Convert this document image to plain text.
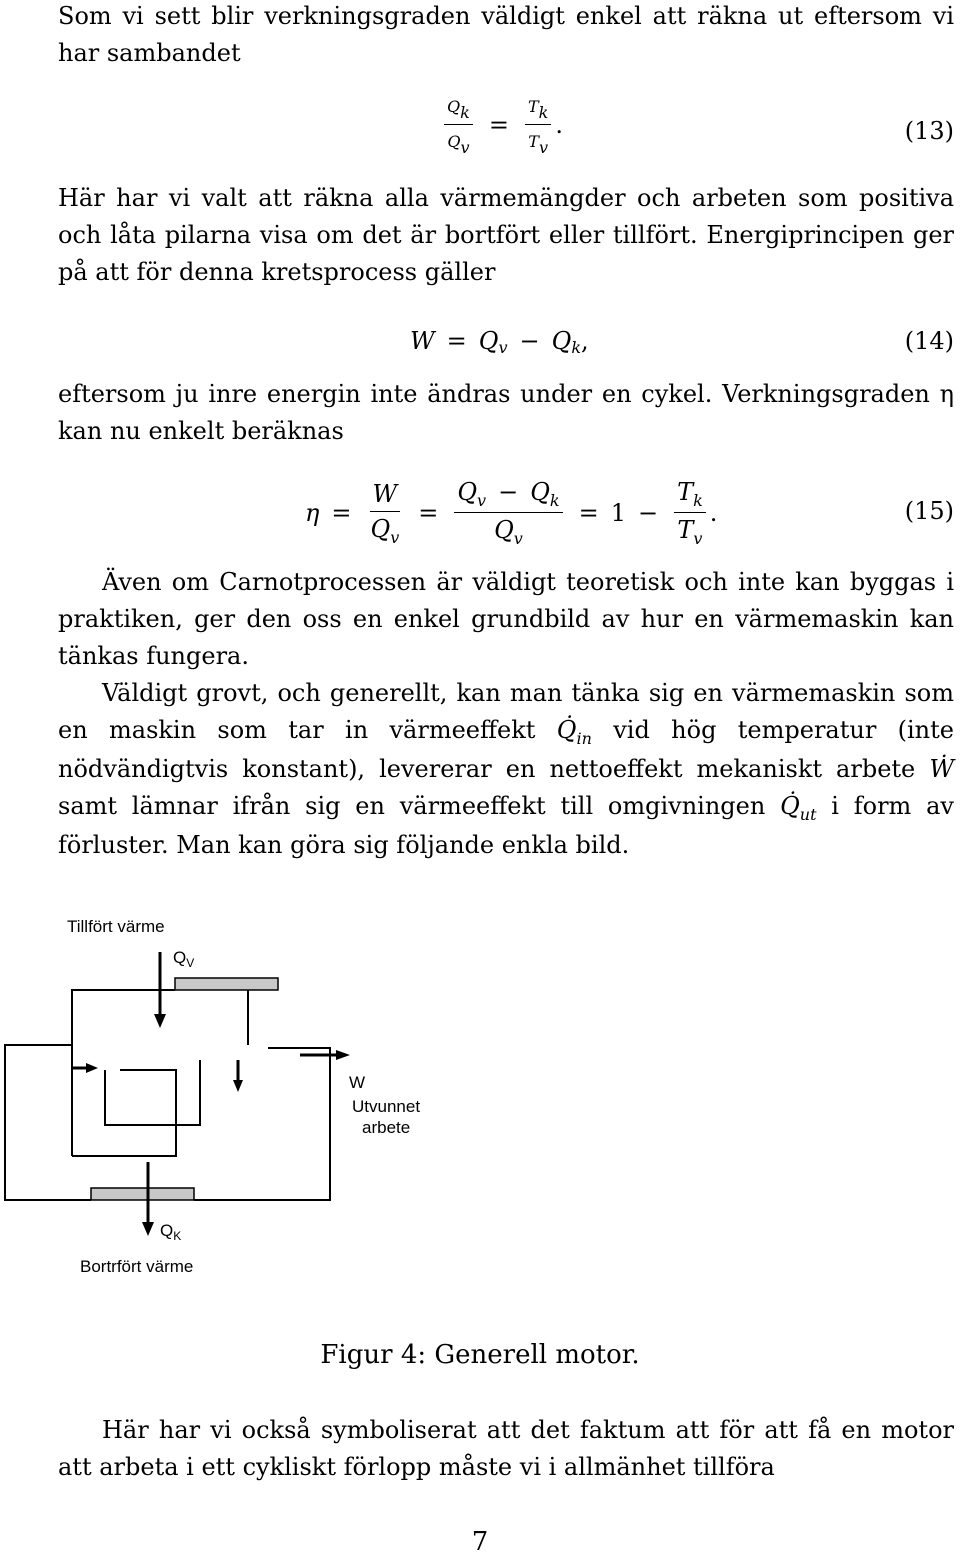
Som vi sett blir verkningsgraden väldigt enkel att räkna ut eftersom vi har sambandet

$\frac{Qk}{Qv} = \frac{Tk}{Tv}$ .	(13)

Här har vi valt att räkna alla värmemängder och arbeten som positiva och låta pilarna visa om det är bortfört eller tillfört. Energiprincipen ger på att för denna kretsprocess gäller

W = Q v − Q k ,	(14)

eftersom ju inre energin inte ändras under en cykel. Verkningsgraden η kan nu enkelt beräknas

$\eta = \frac{W}{Q_v} = \frac{Q_v - Q_k}{Q_v} = 1 - \frac{T_k}{T_v}$ .	(15)

Även om Carnotprocessen är väldigt teoretisk och inte kan byggas i praktiken, ger den oss en enkel grundbild av hur en värmemaskin kan tänkas fungera.

Väldigt grovt, och generellt, kan man tänka sig en värmemaskin som en maskin som tar in värmeeffekt $Q̇_{in}$ vid hög temperatur (inte nödvändigtvis konstant), levererar en nettoeffekt mekaniskt arbete Ẇ samt lämnar ifrån sig en värmeeffekt till omgivningen $Q̇_{ut}$ i form av förluster. Man kan göra sig följande enkla bild.

Tillfört värme
$Q_V$
W
Utvunnet
arbete
$Q_K$
Bortrfört värme
Figur 4: Generell motor.

Här har vi också symboliserat att det faktum att för att få en motor att arbeta i ett cykliskt förlopp måste vi i allmänhet tillföra

7
